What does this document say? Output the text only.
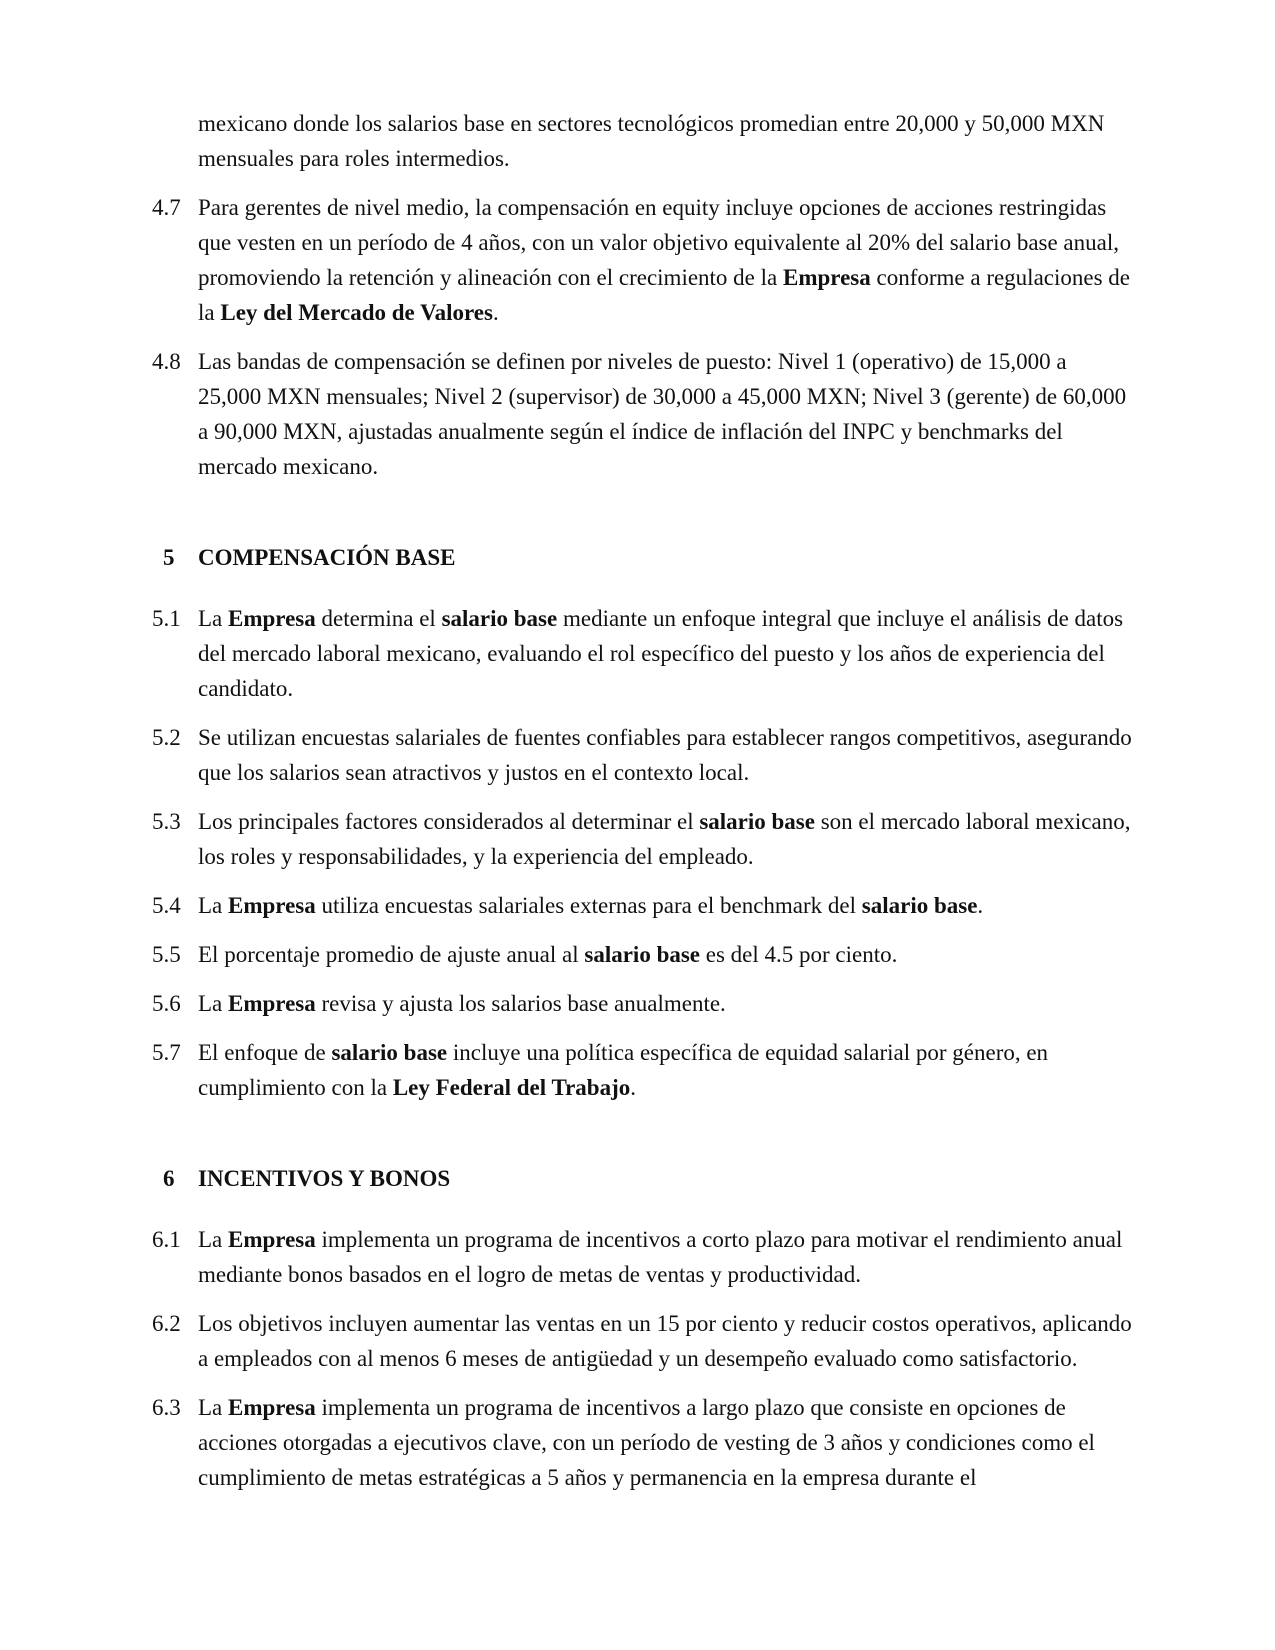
mexicano donde los salarios base en sectores tecnológicos promedian entre 20,000 y 50,000 MXN mensuales para roles intermedios.
4.7 Para gerentes de nivel medio, la compensación en equity incluye opciones de acciones restringidas que vesten en un período de 4 años, con un valor objetivo equivalente al 20% del salario base anual, promoviendo la retención y alineación con el crecimiento de la Empresa conforme a regulaciones de la Ley del Mercado de Valores.
4.8 Las bandas de compensación se definen por niveles de puesto: Nivel 1 (operativo) de 15,000 a 25,000 MXN mensuales; Nivel 2 (supervisor) de 30,000 a 45,000 MXN; Nivel 3 (gerente) de 60,000 a 90,000 MXN, ajustadas anualmente según el índice de inflación del INPC y benchmarks del mercado mexicano.
5	COMPENSACIÓN BASE
5.1 La Empresa determina el salario base mediante un enfoque integral que incluye el análisis de datos del mercado laboral mexicano, evaluando el rol específico del puesto y los años de experiencia del candidato.
5.2 Se utilizan encuestas salariales de fuentes confiables para establecer rangos competitivos, asegurando que los salarios sean atractivos y justos en el contexto local.
5.3 Los principales factores considerados al determinar el salario base son el mercado laboral mexicano, los roles y responsabilidades, y la experiencia del empleado.
5.4 La Empresa utiliza encuestas salariales externas para el benchmark del salario base.
5.5 El porcentaje promedio de ajuste anual al salario base es del 4.5 por ciento.
5.6 La Empresa revisa y ajusta los salarios base anualmente.
5.7 El enfoque de salario base incluye una política específica de equidad salarial por género, en cumplimiento con la Ley Federal del Trabajo.
6	INCENTIVOS Y BONOS
6.1 La Empresa implementa un programa de incentivos a corto plazo para motivar el rendimiento anual mediante bonos basados en el logro de metas de ventas y productividad.
6.2 Los objetivos incluyen aumentar las ventas en un 15 por ciento y reducir costos operativos, aplicando a empleados con al menos 6 meses de antigüedad y un desempeño evaluado como satisfactorio.
6.3 La Empresa implementa un programa de incentivos a largo plazo que consiste en opciones de acciones otorgadas a ejecutivos clave, con un período de vesting de 3 años y condiciones como el cumplimiento de metas estratégicas a 5 años y permanencia en la empresa durante el
